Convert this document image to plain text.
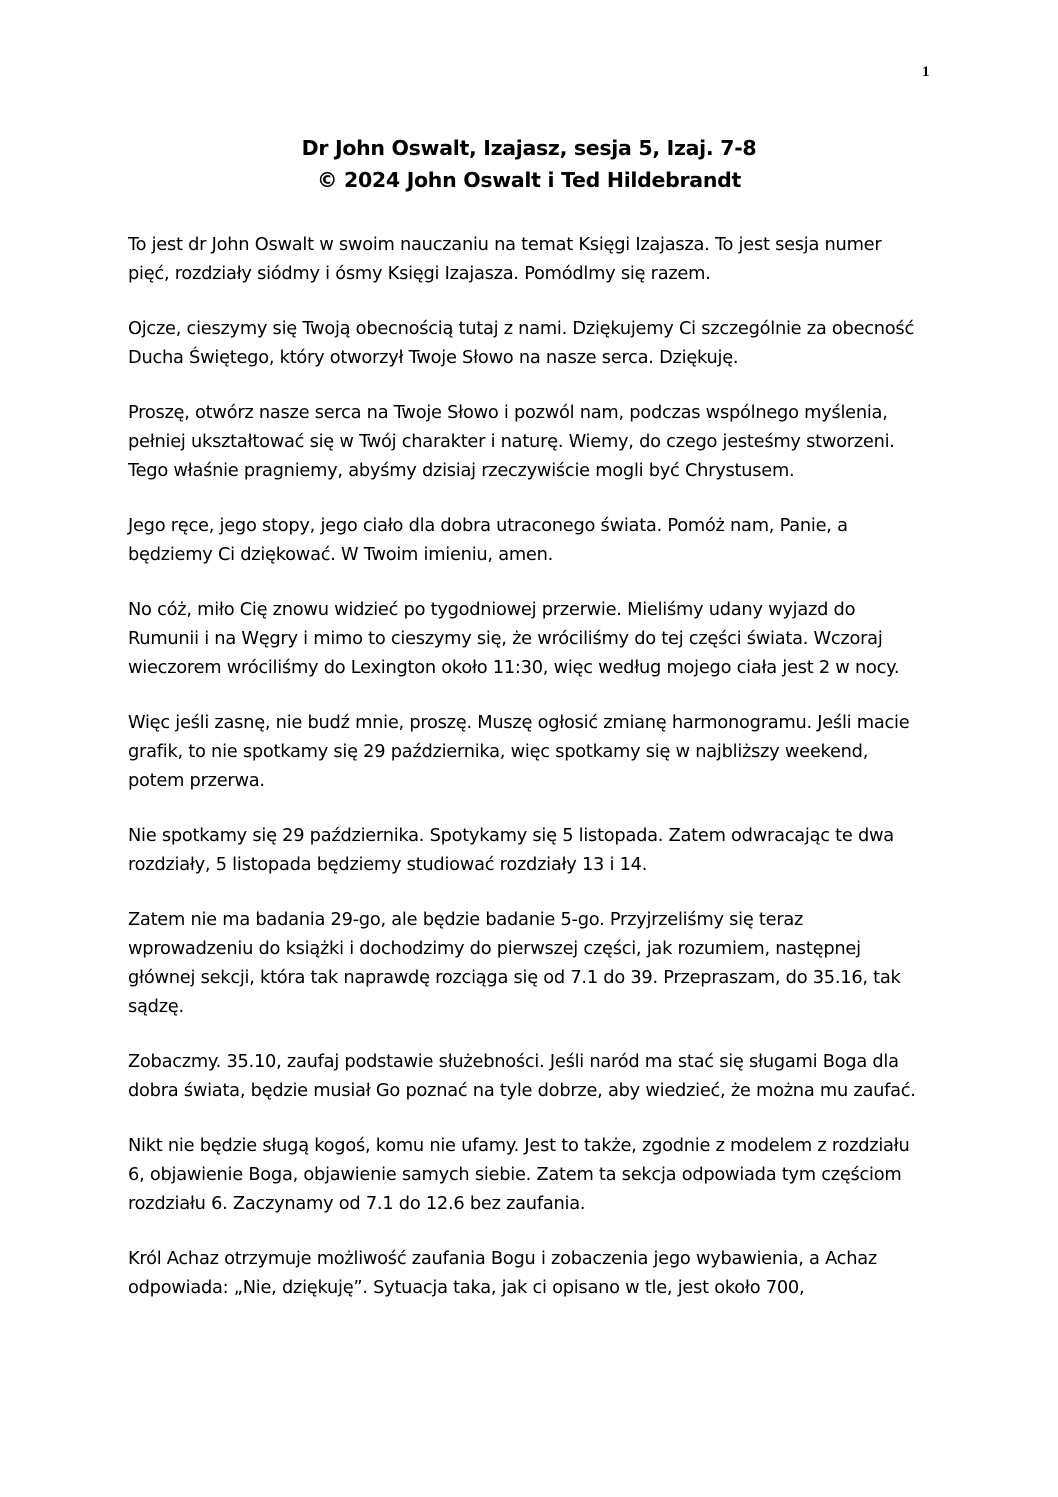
1
Dr John Oswalt, Izajasz, sesja 5, Izaj. 7-8
© 2024 John Oswalt i Ted Hildebrandt

To jest dr John Oswalt w swoim nauczaniu na temat Księgi Izajasza. To jest sesja numer pięć, rozdziały siódmy i ósmy Księgi Izajasza. Pomódlmy się razem.

Ojcze, cieszymy się Twoją obecnością tutaj z nami. Dziękujemy Ci szczególnie za obecność Ducha Świętego, który otworzył Twoje Słowo na nasze serca. Dziękuję.

Proszę, otwórz nasze serca na Twoje Słowo i pozwól nam, podczas wspólnego myślenia, pełniej ukształtować się w Twój charakter i naturę. Wiemy, do czego jesteśmy stworzeni. Tego właśnie pragniemy, abyśmy dzisiaj rzeczywiście mogli być Chrystusem.

Jego ręce, jego stopy, jego ciało dla dobra utraconego świata. Pomóż nam, Panie, a będziemy Ci dziękować. W Twoim imieniu, amen.

No cóż, miło Cię znowu widzieć po tygodniowej przerwie. Mieliśmy udany wyjazd do Rumunii i na Węgry i mimo to cieszymy się, że wróciliśmy do tej części świata. Wczoraj wieczorem wróciliśmy do Lexington około 11:30, więc według mojego ciała jest 2 w nocy.

Więc jeśli zasnę, nie budź mnie, proszę. Muszę ogłosić zmianę harmonogramu. Jeśli macie grafik, to nie spotkamy się 29 października, więc spotkamy się w najbliższy weekend, potem przerwa.

Nie spotkamy się 29 października. Spotykamy się 5 listopada. Zatem odwracając te dwa rozdziały, 5 listopada będziemy studiować rozdziały 13 i 14.

Zatem nie ma badania 29-go, ale będzie badanie 5-go. Przyjrzeliśmy się teraz wprowadzeniu do książki i dochodzimy do pierwszej części, jak rozumiem, następnej głównej sekcji, która tak naprawdę rozciąga się od 7.1 do 39. Przepraszam, do 35.16, tak sądzę.

Zobaczmy. 35.10, zaufaj podstawie służebności. Jeśli naród ma stać się sługami Boga dla dobra świata, będzie musiał Go poznać na tyle dobrze, aby wiedzieć, że można mu zaufać.

Nikt nie będzie sługą kogoś, komu nie ufamy. Jest to także, zgodnie z modelem z rozdziału 6, objawienie Boga, objawienie samych siebie. Zatem ta sekcja odpowiada tym częściom rozdziału 6. Zaczynamy od 7.1 do 12.6 bez zaufania.

Król Achaz otrzymuje możliwość zaufania Bogu i zobaczenia jego wybawienia, a Achaz odpowiada: „Nie, dziękuję”. Sytuacja taka, jak ci opisano w tle, jest około 700,
